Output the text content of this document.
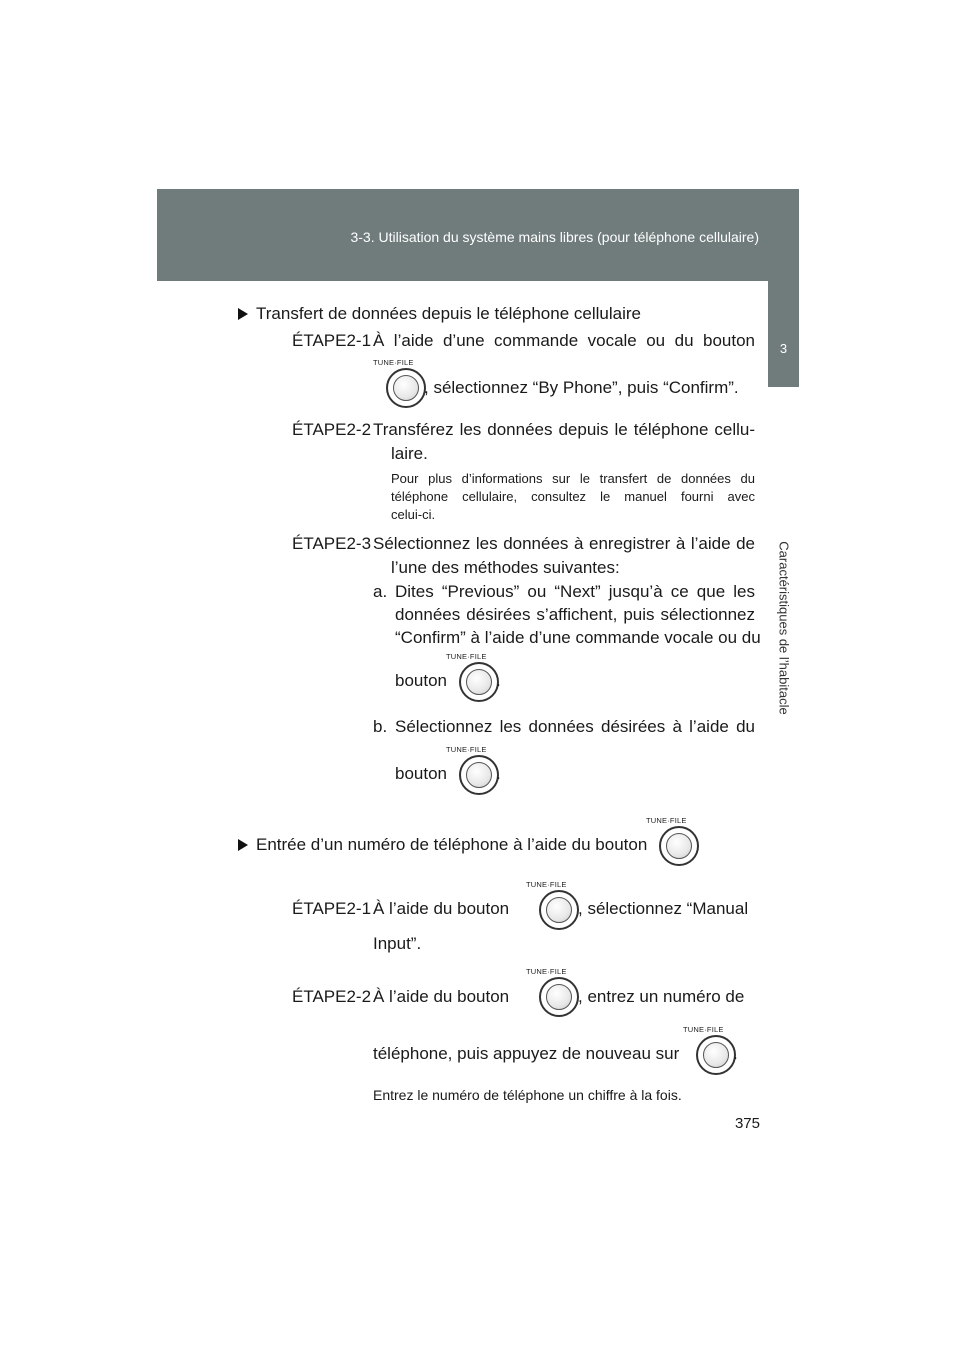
3-3. Utilisation du système mains libres (pour téléphone cellulaire)
3
Caractéristiques de l’habitacle
Transfert de données depuis le téléphone cellulaire
ÉTAPE2-1 À l’aide d’une commande vocale ou du bouton
TUNE·FILE
, sélectionnez “By Phone”, puis “Confirm”.
ÉTAPE2-2 Transférez les données depuis le téléphone cellu-
laire.
Pour plus d’informations sur le transfert de données du
téléphone cellulaire, consultez le manuel fourni avec
celui-ci.
ÉTAPE2-3 Sélectionnez les données à enregistrer à l’aide de
l’une des méthodes suivantes:
a. Dites “Previous” ou “Next” jusqu’à ce que les
données désirées s’affichent, puis sélectionnez
“Confirm” à l’aide d’une commande vocale ou du
bouton
TUNE·FILE
.
b. Sélectionnez les données désirées à l’aide du
bouton
TUNE·FILE
.
Entrée d’un numéro de téléphone à l’aide du bouton
TUNE·FILE
ÉTAPE2-1 À l’aide du bouton
TUNE·FILE
, sélectionnez “Manual
Input”.
ÉTAPE2-2 À l’aide du bouton
TUNE·FILE
, entrez un numéro de
téléphone, puis appuyez de nouveau sur
TUNE·FILE
.
Entrez le numéro de téléphone un chiffre à la fois.
375
